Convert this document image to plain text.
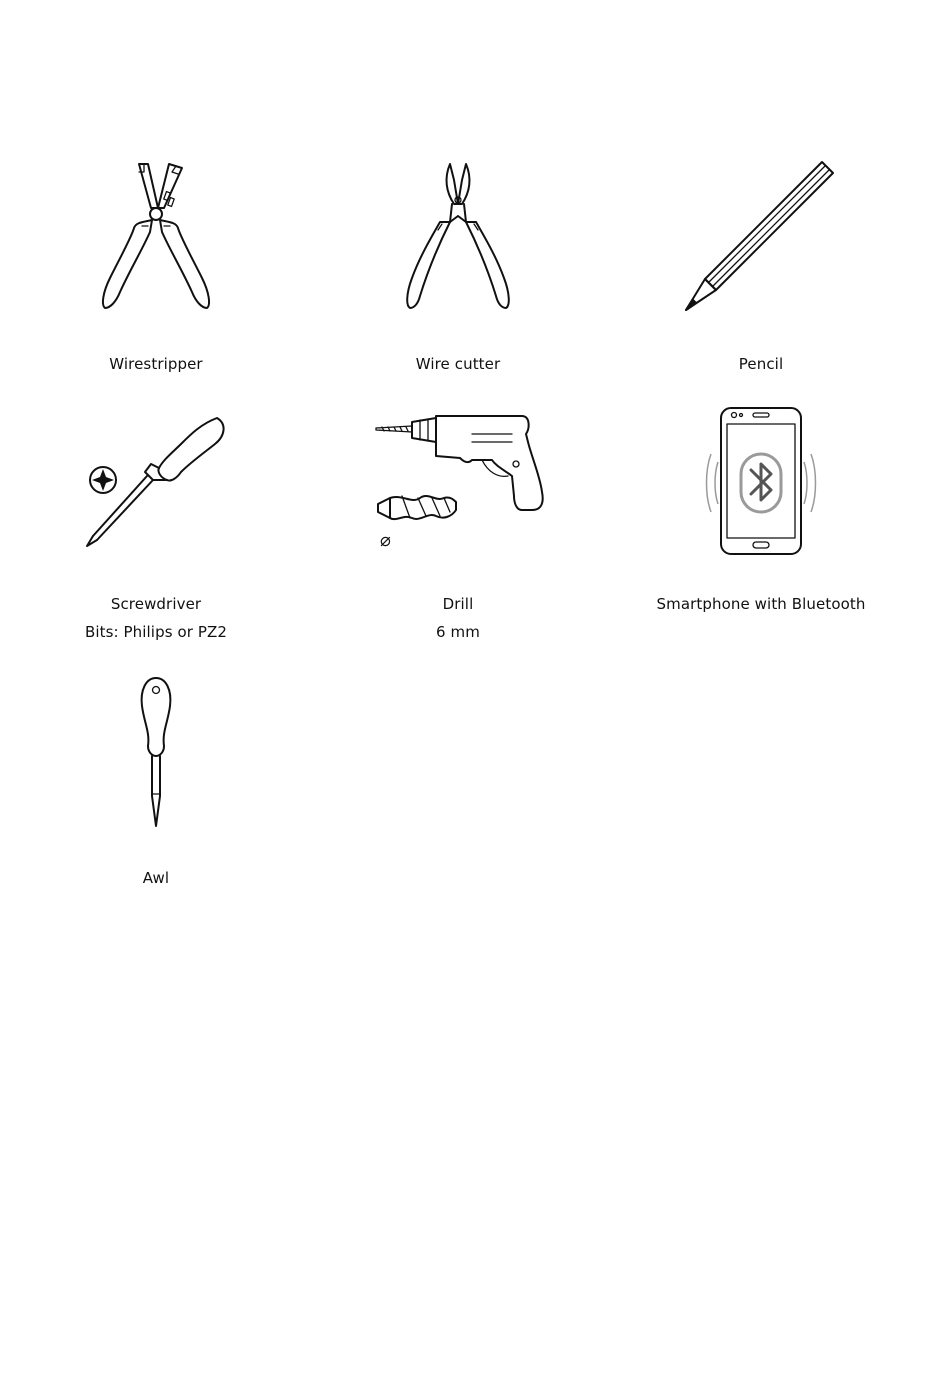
Wirestripper	Wire cutter	Pencil
Screwdriver
Bits: Philips or PZ2
⌀
Drill
6 mm
Smartphone with Bluetooth
Awl
